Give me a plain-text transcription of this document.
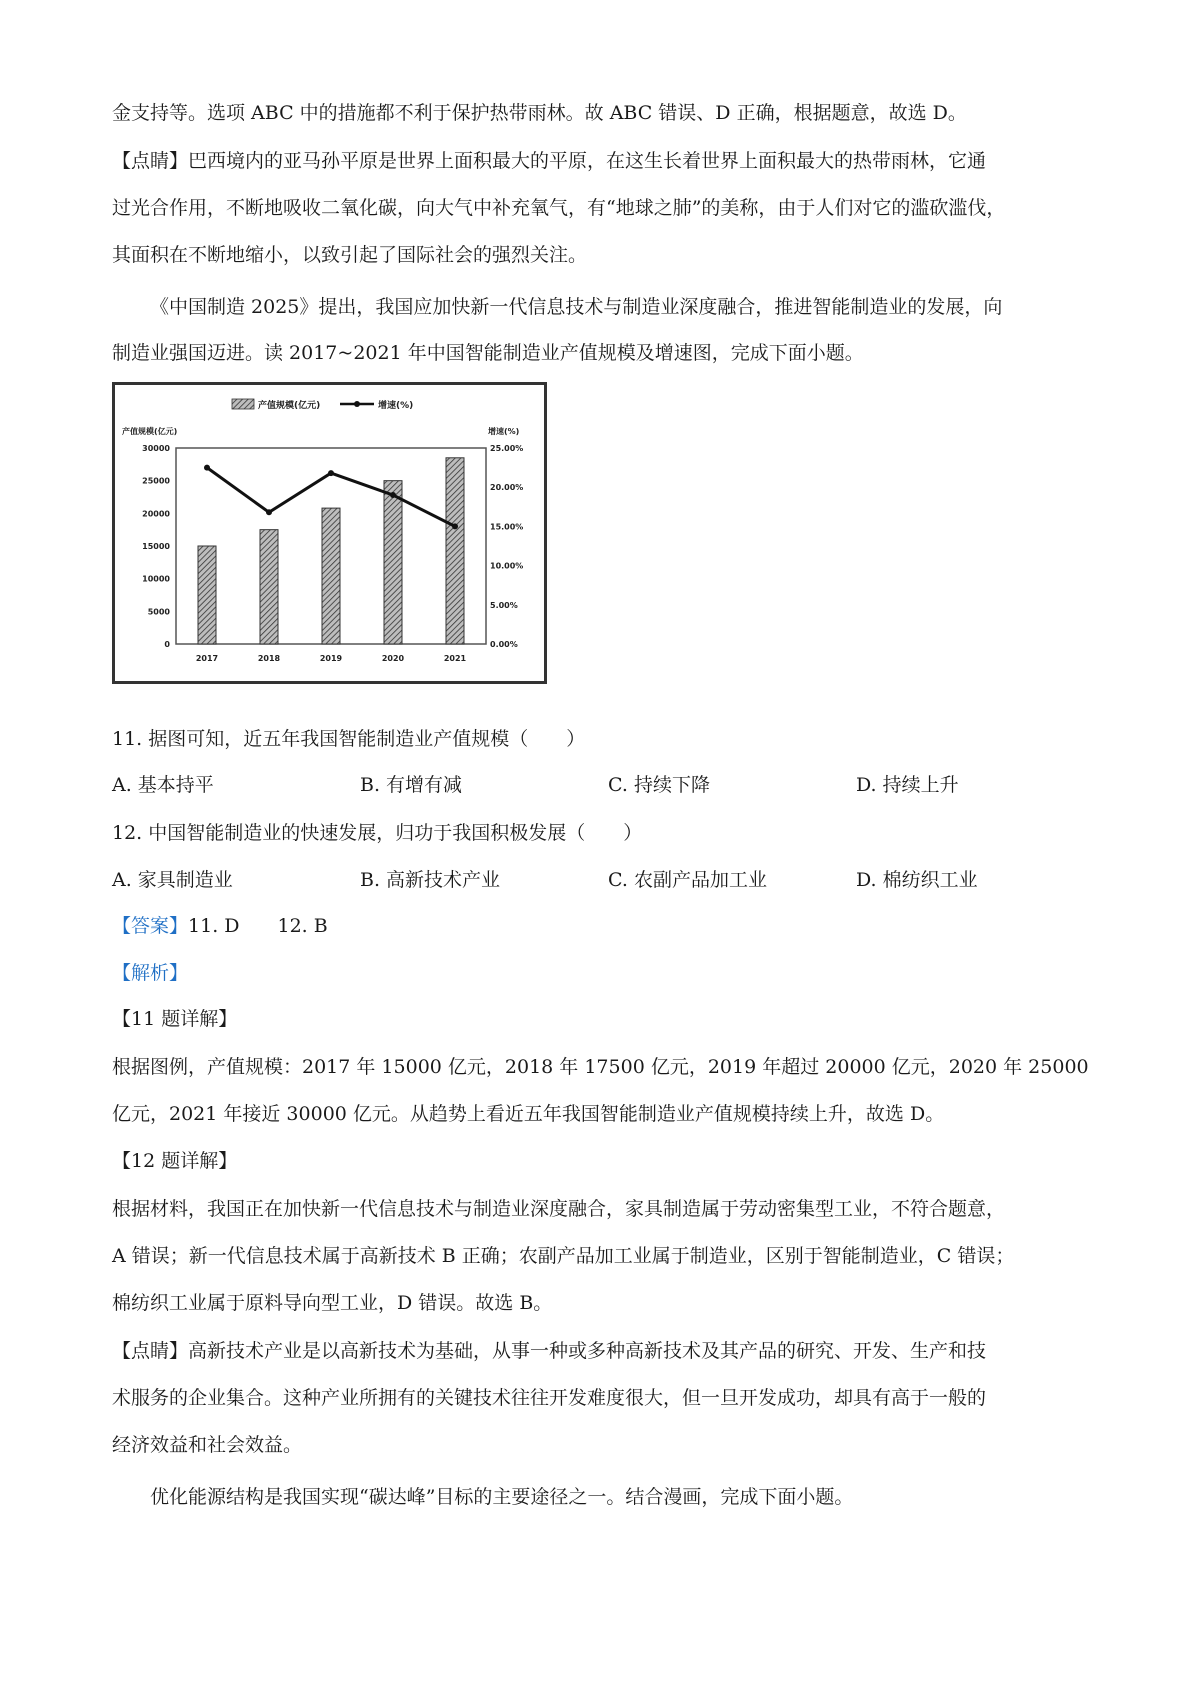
金支持等。选项 ABC 中的措施都不利于保护热带雨林。故 ABC 错误、D 正确，根据题意，故选 D。
【点睛】巴西境内的亚马孙平原是世界上面积最大的平原，在这生长着世界上面积最大的热带雨林，它通
过光合作用，不断地吸收二氧化碳，向大气中补充氧气，有“地球之肺”的美称，由于人们对它的滥砍滥伐，
其面积在不断地缩小，以致引起了国际社会的强烈关注。
《中国制造 2025》提出，我国应加快新一代信息技术与制造业深度融合，推进智能制造业的发展，向
制造业强国迈进。读 2017~2021 年中国智能制造业产值规模及增速图，完成下面小题。
0
5000
10000
15000
20000
25000
30000
0.00%
5.00%
10.00%
15.00%
20.00%
25.00%
2017	2018	2019	2020	2021
产值规模(亿元)	增速(%)
产值规模(亿元)	增速(%)
11. 据图可知，近五年我国智能制造业产值规模（　　）
A. 基本持平	B. 有增有减	C. 持续下降	D. 持续上升
12. 中国智能制造业的快速发展，归功于我国积极发展（　　）
A. 家具制造业	B. 高新技术产业	C. 农副产品加工业	D. 棉纺织工业
【答案】11. D　　12. B
【解析】
【11 题详解】
根据图例，产值规模：2017 年 15000 亿元，2018 年 17500 亿元，2019 年超过 20000 亿元，2020 年 25000
亿元，2021 年接近 30000 亿元。从趋势上看近五年我国智能制造业产值规模持续上升，故选 D。
【12 题详解】
根据材料，我国正在加快新一代信息技术与制造业深度融合，家具制造属于劳动密集型工业，不符合题意，
A 错误；新一代信息技术属于高新技术 B 正确；农副产品加工业属于制造业，区别于智能制造业，C 错误；
棉纺织工业属于原料导向型工业，D 错误。故选 B。
【点睛】高新技术产业是以高新技术为基础，从事一种或多种高新技术及其产品的研究、开发、生产和技
术服务的企业集合。这种产业所拥有的关键技术往往开发难度很大，但一旦开发成功，却具有高于一般的
经济效益和社会效益。
优化能源结构是我国实现“碳达峰”目标的主要途径之一。结合漫画，完成下面小题。
